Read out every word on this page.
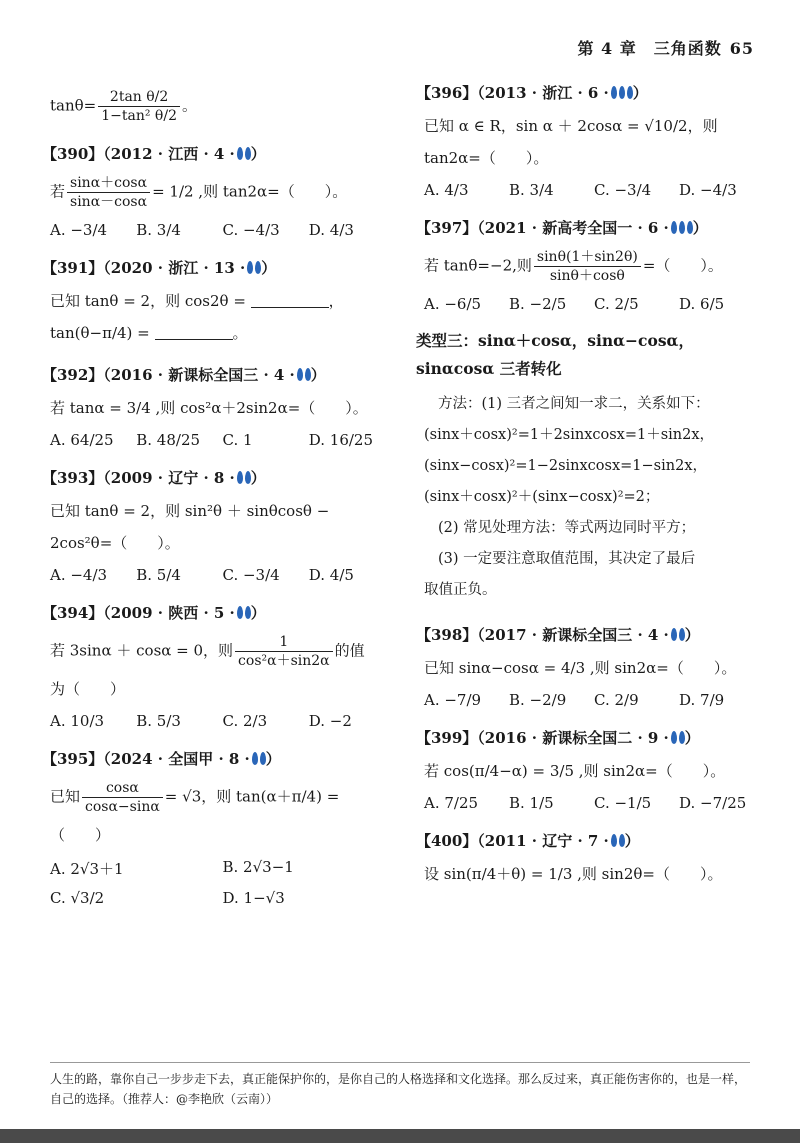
第 4 章　三角函数 65
$\tan\theta= \frac{\text{2tan θ/2}}{\text{1−tan² θ/2}}$ 。
【390】（2012 · 江西 · 4 · ）
若 $\frac{\sin\alpha+\cos\alpha}{\sin\alpha-\cos\alpha} = 1/2$ ,则 tan2α=（　　）。
A. −3/4	B. 3/4	C. −4/3	D. 4/3
【391】（2020 · 浙江 · 13 · ）
已知 tanθ = 2，则 cos2θ =	，
tan(θ−π/4) =	。
【392】（2016 · 新课标全国三 · 4 · ）
若 tanα = 3/4 ,则 cos²α＋2sin2α=（　　）。
A. 64/25	B. 48/25	C. 1	D. 16/25
【393】（2009 · 辽宁 · 8 · ）
已知 tanθ = 2，则 sin²θ ＋ sinθcosθ −
2cos²θ=（　　）。
A. −4/3	B. 5/4	C. −3/4	D. 4/5
【394】（2009 · 陕西 · 5 · ）
若 3sinα ＋ cosα = 0，则 $\frac{1}{\text{cos²α＋sin2α}}$ 的值
为（　　）
A. 10/3	B. 5/3	C. 2/3	D. −2
【395】（2024 · 全国甲 · 8 · ）
已知 $\frac{\cos\alpha}{\cos\alpha-\sin\alpha} = √3$，则 tan(α＋π/4) =
（　　）
A. 2√3＋1	B. 2√3−1
C. √3/2	D. 1−√3
【396】（2013 · 浙江 · 6 · ）
已知 α ∈ R，sin α ＋ 2cosα = √10/2，则
tan2α=（　　）。
A. 4/3	B. 3/4	C. −3/4	D. −4/3
【397】（2021 · 新高考全国一 · 6 · ）
若 tanθ=−2,则 $\frac{\sin\theta(1+\sin 2\theta)}{\sin\theta+\cos\theta}$ =（　　）。
A. −6/5	B. −2/5	C. 2/5	D. 6/5
类型三：sinα＋cosα，sinα−cosα，sinαcosα 三者转化
方法：(1) 三者之间知一求二，关系如下：
(sinx＋cosx)²=1＋2sinxcosx=1＋sin2x，
(sinx−cosx)²=1−2sinxcosx=1−sin2x，
(sinx＋cosx)²＋(sinx−cosx)²=2；
(2) 常见处理方法：等式两边同时平方；
(3) 一定要注意取值范围，其决定了最后
取值正负。
【398】（2017 · 新课标全国三 · 4 · ）
已知 sinα−cosα = 4/3 ,则 sin2α=（　　）。
A. −7/9	B. −2/9	C. 2/9	D. 7/9
【399】（2016 · 新课标全国二 · 9 · ）
若 cos(π/4−α) = 3/5 ,则 sin2α=（　　）。
A. 7/25	B. 1/5	C. −1/5	D. −7/25
【400】（2011 · 辽宁 · 7 · ）
设 sin(π/4＋θ) = 1/3 ,则 sin2θ=（　　）。
人生的路，靠你自己一步步走下去，真正能保护你的，是你自己的人格选择和文化选择。那么反过来，真正能伤害你的，也是一样，自己的选择。（推荐人：@李艳欣（云南））
